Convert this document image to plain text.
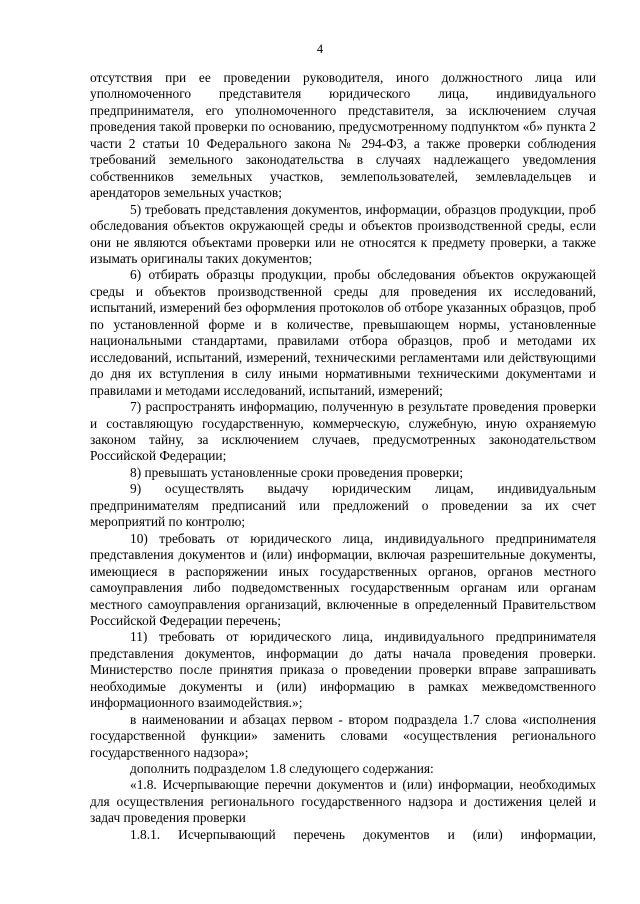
4

отсутствия при ее проведении руководителя, иного должностного лица или уполномоченного представителя юридического лица, индивидуального предпринимателя, его уполномоченного представителя, за исключением случая проведения такой проверки по основанию, предусмотренному подпунктом «б» пункта 2 части 2 статьи 10 Федерального закона № 294-ФЗ, а также проверки соблюдения требований земельного законодательства в случаях надлежащего уведомления собственников земельных участков, землепользователей, землевладельцев и арендаторов земельных участков;

5) требовать представления документов, информации, образцов продукции, проб обследования объектов окружающей среды и объектов производственной среды, если они не являются объектами проверки или не относятся к предмету проверки, а также изымать оригиналы таких документов;

6) отбирать образцы продукции, пробы обследования объектов окружающей среды и объектов производственной среды для проведения их исследований, испытаний, измерений без оформления протоколов об отборе указанных образцов, проб по установленной форме и в количестве, превышающем нормы, установленные национальными стандартами, правилами отбора образцов, проб и методами их исследований, испытаний, измерений, техническими регламентами или действующими до дня их вступления в силу иными нормативными техническими документами и правилами и методами исследований, испытаний, измерений;

7) распространять информацию, полученную в результате проведения проверки и составляющую государственную, коммерческую, служебную, иную охраняемую законом тайну, за исключением случаев, предусмотренных законодательством Российской Федерации;

8) превышать установленные сроки проведения проверки;

9) осуществлять выдачу юридическим лицам, индивидуальным предпринимателям предписаний или предложений о проведении за их счет мероприятий по контролю;

10) требовать от юридического лица, индивидуального предпринимателя представления документов и (или) информации, включая разрешительные документы, имеющиеся в распоряжении иных государственных органов, органов местного самоуправления либо подведомственных государственным органам или органам местного самоуправления организаций, включенные в определенный Правительством Российской Федерации перечень;

11) требовать от юридического лица, индивидуального предпринимателя представления документов, информации до даты начала проведения проверки. Министерство после принятия приказа о проведении проверки вправе запрашивать необходимые документы и (или) информацию в рамках межведомственного информационного взаимодействия.»;

в наименовании и абзацах первом - втором подраздела 1.7 слова «исполнения государственной функции» заменить словами «осуществления регионального государственного надзора»;

дополнить подразделом 1.8 следующего содержания:

«1.8. Исчерпывающие перечни документов и (или) информации, необходимых для осуществления регионального государственного надзора и достижения целей и задач проведения проверки

1.8.1. Исчерпывающий перечень документов и (или) информации,
